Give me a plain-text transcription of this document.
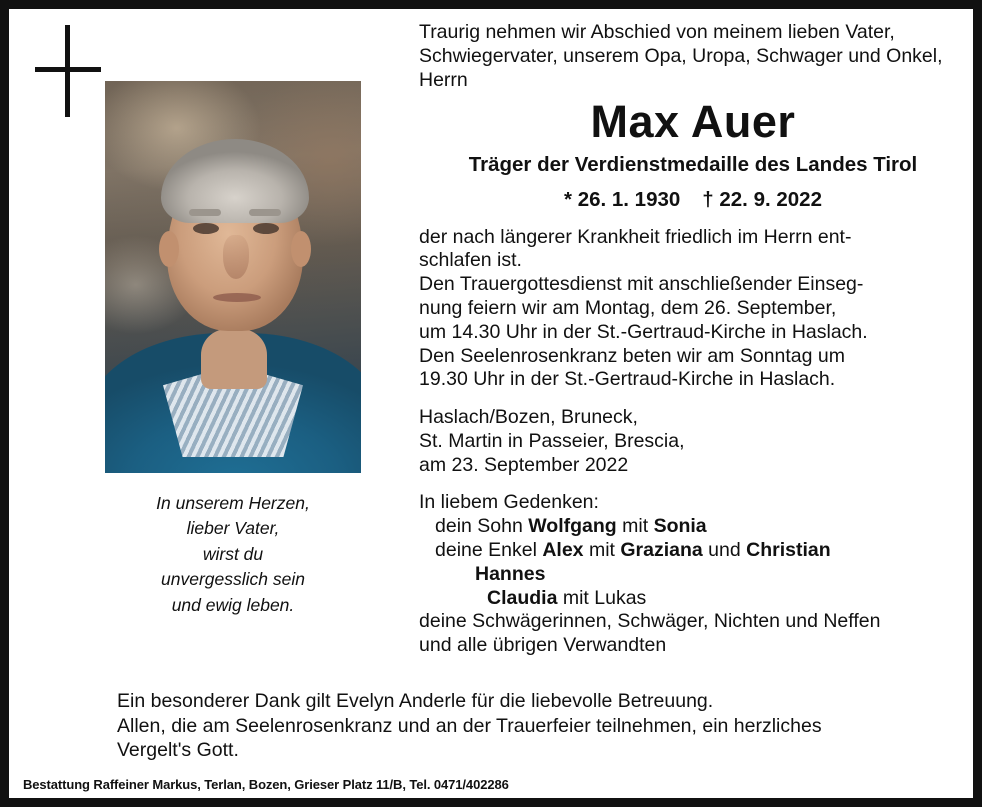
In unserem Herzen,
lieber Vater,
wirst du
unvergesslich sein
und ewig leben.
Traurig nehmen wir Abschied von meinem lieben Vater, Schwiegervater, unserem Opa, Uropa, Schwager und Onkel, Herrn
Max Auer
Träger der Verdienstmedaille des Landes Tirol
* 26. 1. 1930 † 22. 9. 2022

der nach längerer Krankheit friedlich im Herrn ent-

schlafen ist.

Den Trauergottesdienst mit anschließender Einseg-

nung feiern wir am Montag, dem 26. September,

um 14.30 Uhr in der St.-Gertraud-Kirche in Haslach.

Den Seelenrosenkranz beten wir am Sonntag um

19.30 Uhr in der St.-Gertraud-Kirche in Haslach.

Haslach/Bozen, Bruneck,

St. Martin in Passeier, Brescia,

am 23. September 2022

In liebem Gedenken:

dein Sohn Wolfgang mit Sonia

deine Enkel Alex mit Graziana und Christian

Hannes

Claudia mit Lukas

deine Schwägerinnen, Schwäger, Nichten und Neffen

und alle übrigen Verwandten

Ein besonderer Dank gilt Evelyn Anderle für die liebevolle Betreuung.

Allen, die am Seelenrosenkranz und an der Trauerfeier teilnehmen, ein herzliches

Vergelt's Gott.

Bestattung Raffeiner Markus, Terlan, Bozen, Grieser Platz 11/B, Tel. 0471/402286
